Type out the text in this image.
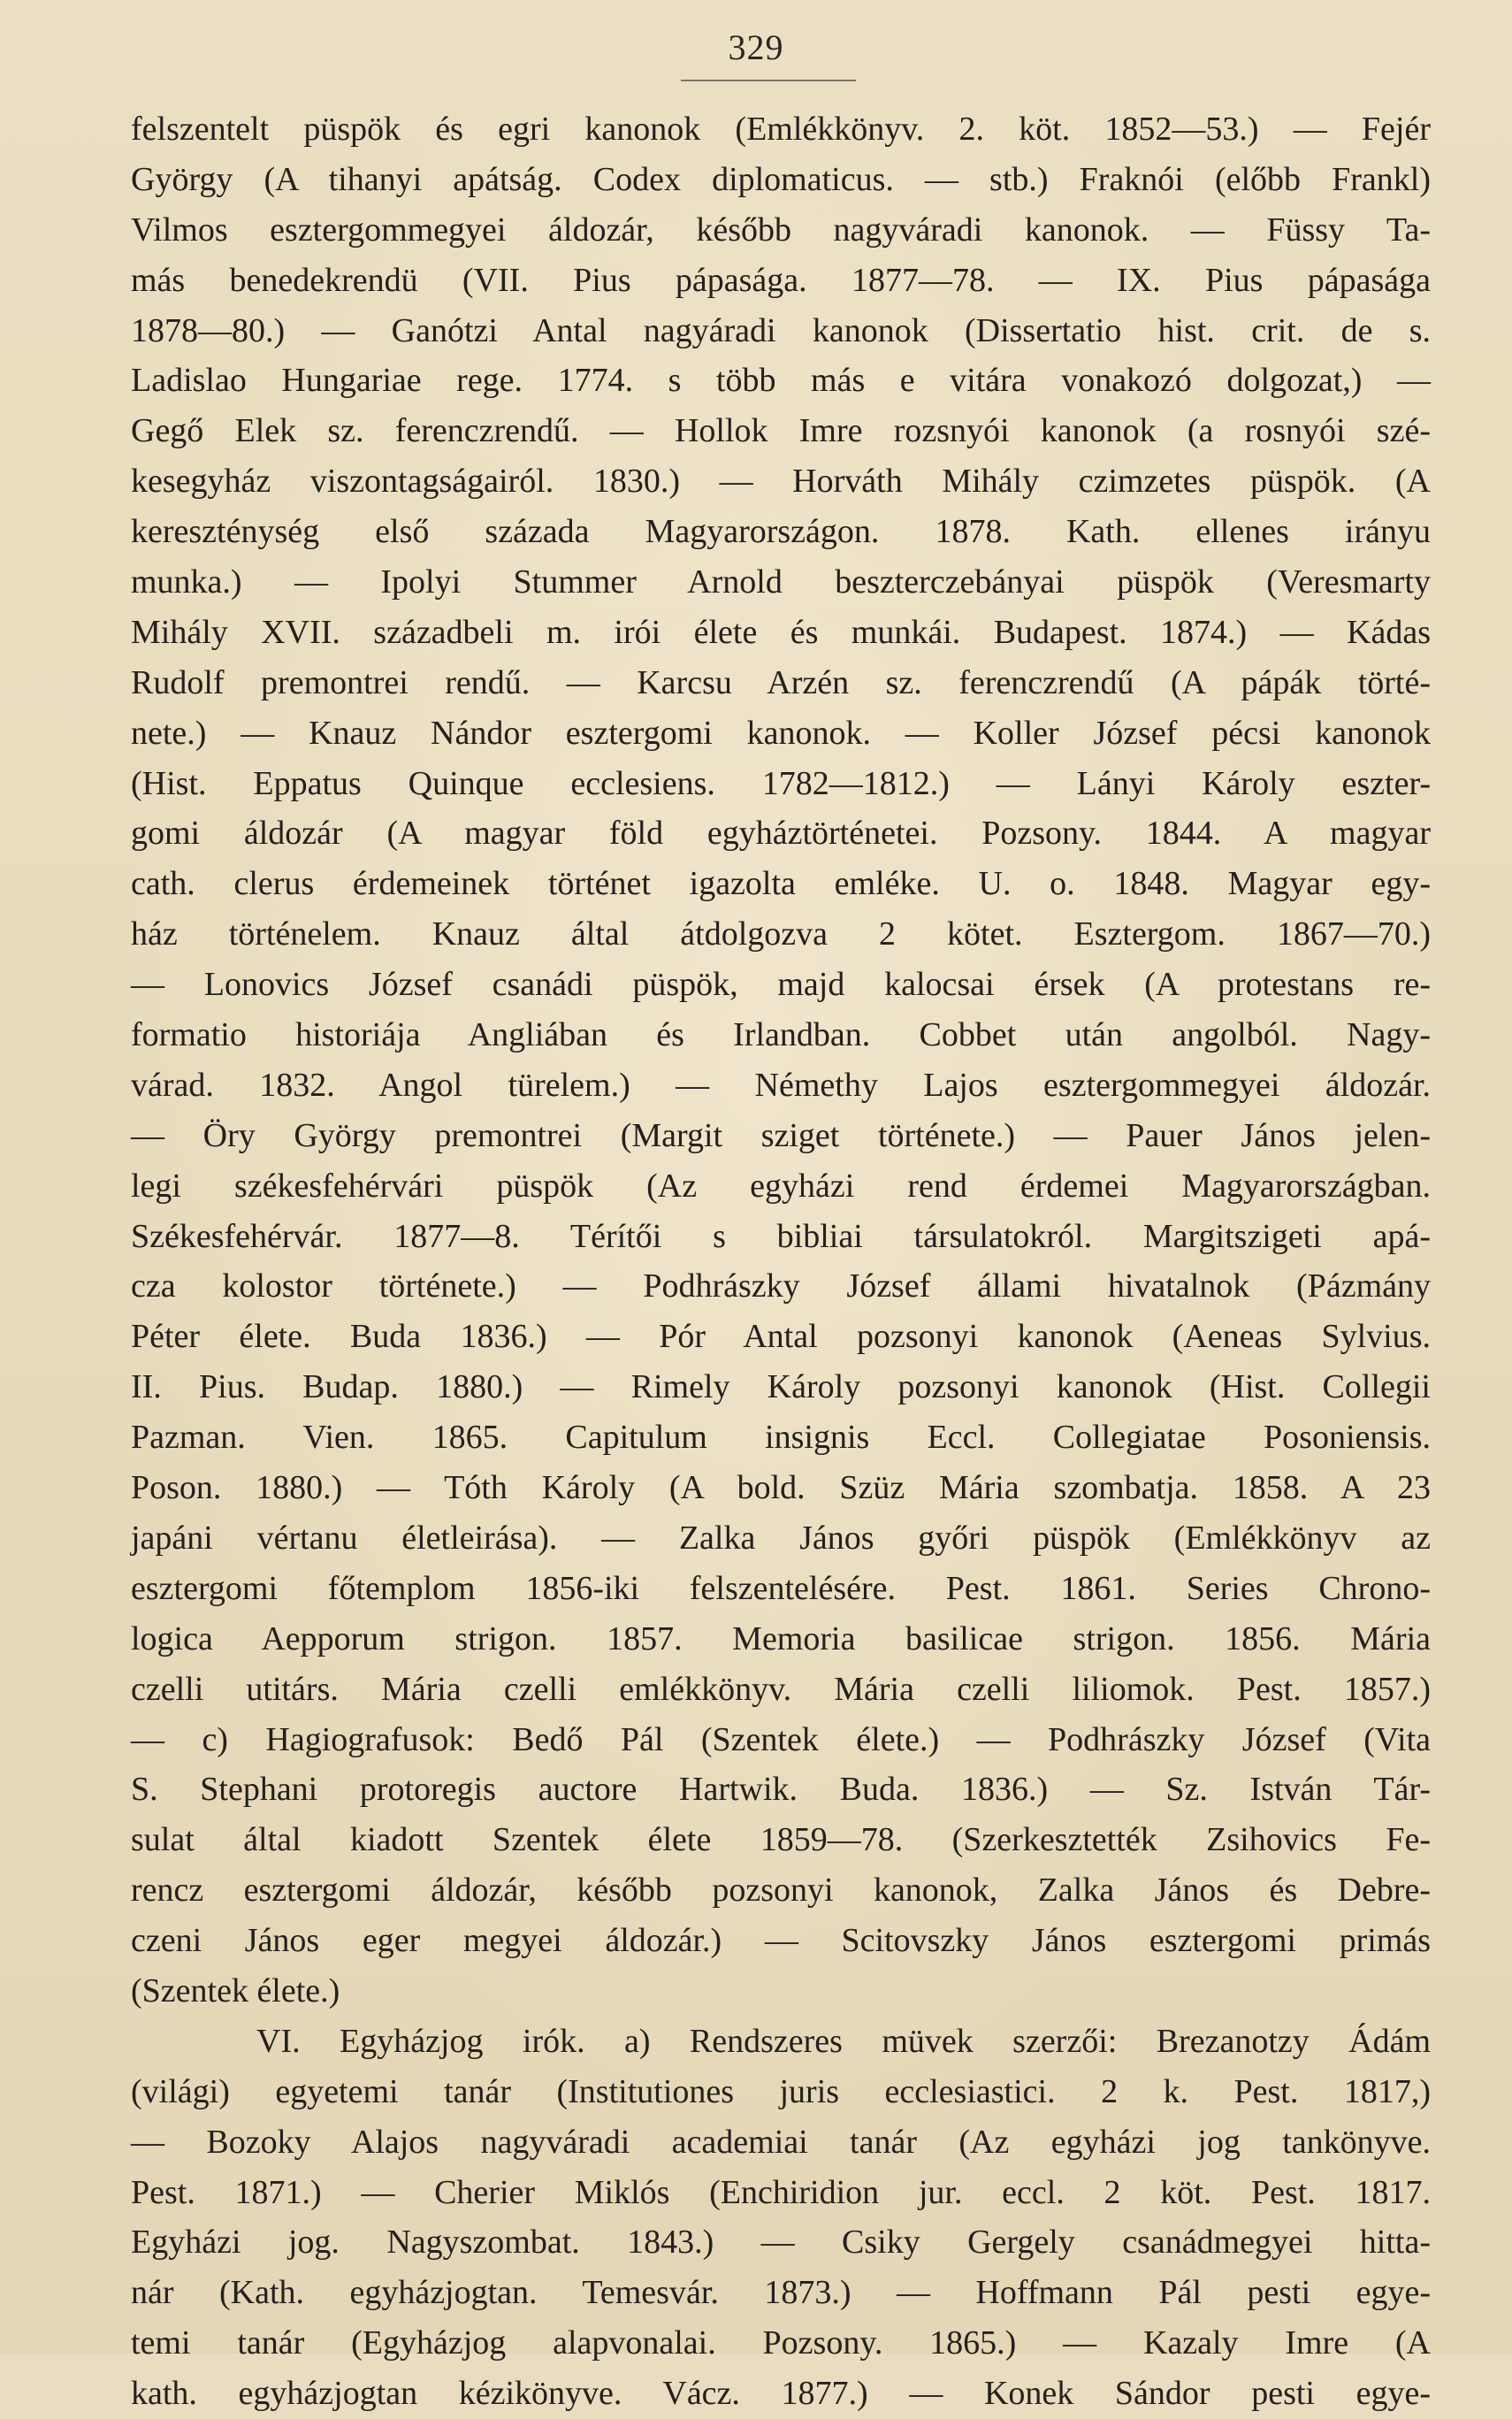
329
felszentelt püspök és egri kanonok (Emlékkönyv. 2. köt. 1852—53.) — Fejér
György (A tihanyi apátság. Codex diplomaticus. — stb.) Fraknói (előbb Frankl)
Vilmos esztergommegyei áldozár, később nagyváradi kanonok. — Füssy Ta-
más benedekrendü (VII. Pius pápasága. 1877—78. — IX. Pius pápasága
1878—80.) — Ganótzi Antal nagyáradi kanonok (Dissertatio hist. crit. de s.
Ladislao Hungariae rege. 1774. s több más e vitára vonakozó dolgozat,) —
Gegő Elek sz. ferenczrendű. — Hollok Imre rozsnyói kanonok (a rosnyói szé-
kesegyház viszontagságairól. 1830.) — Horváth Mihály czimzetes püspök. (A
kereszténység első százada Magyarországon. 1878. Kath. ellenes irányu
munka.) — Ipolyi Stummer Arnold beszterczebányai püspök (Veresmarty
Mihály XVII. századbeli m. irói élete és munkái. Budapest. 1874.) — Kádas
Rudolf premontrei rendű. — Karcsu Arzén sz. ferenczrendű (A pápák törté-
nete.) — Knauz Nándor esztergomi kanonok. — Koller József pécsi kanonok
(Hist. Eppatus Quinque ecclesiens. 1782—1812.) — Lányi Károly eszter-
gomi áldozár (A magyar föld egyháztörténetei. Pozsony. 1844. A magyar
cath. clerus érdemeinek történet igazolta emléke. U. o. 1848. Magyar egy-
ház történelem. Knauz által átdolgozva 2 kötet. Esztergom. 1867—70.)
— Lonovics József csanádi püspök, majd kalocsai érsek (A protestans re-
formatio historiája Angliában és Irlandban. Cobbet után angolból. Nagy-
várad. 1832. Angol türelem.) — Némethy Lajos esztergommegyei áldozár.
— Öry György premontrei (Margit sziget története.) — Pauer János jelen-
legi székesfehérvári püspök (Az egyházi rend érdemei Magyarországban.
Székesfehérvár. 1877—8. Térítői s bibliai társulatokról. Margitszigeti apá-
cza kolostor története.) — Podhrászky József állami hivatalnok (Pázmány
Péter élete. Buda 1836.) — Pór Antal pozsonyi kanonok (Aeneas Sylvius.
II. Pius. Budap. 1880.) — Rimely Károly pozsonyi kanonok (Hist. Collegii
Pazman. Vien. 1865. Capitulum insignis Eccl. Collegiatae Posoniensis.
Poson. 1880.) — Tóth Károly (A bold. Szüz Mária szombatja. 1858. A 23
japáni vértanu életleirása). — Zalka János győri püspök (Emlékkönyv az
esztergomi főtemplom 1856-iki felszentelésére. Pest. 1861. Series Chrono-
logica Aepporum strigon. 1857. Memoria basilicae strigon. 1856. Mária
czelli utitárs. Mária czelli emlékkönyv. Mária czelli liliomok. Pest. 1857.)
— c) Hagiografusok: Bedő Pál (Szentek élete.) — Podhrászky József (Vita
S. Stephani protoregis auctore Hartwik. Buda. 1836.) — Sz. István Tár-
sulat által kiadott Szentek élete 1859—78. (Szerkesztették Zsihovics Fe-
rencz esztergomi áldozár, később pozsonyi kanonok, Zalka János és Debre-
czeni János eger megyei áldozár.) — Scitovszky János esztergomi primás
(Szentek élete.)
VI. Egyházjog irók. a) Rendszeres müvek szerzői: Brezanotzy Ádám
(világi) egyetemi tanár (Institutiones juris ecclesiastici. 2 k. Pest. 1817,)
— Bozoky Alajos nagyváradi academiai tanár (Az egyházi jog tankönyve.
Pest. 1871.) — Cherier Miklós (Enchiridion jur. eccl. 2 köt. Pest. 1817.
Egyházi jog. Nagyszombat. 1843.) — Csiky Gergely csanádmegyei hitta-
nár (Kath. egyházjogtan. Temesvár. 1873.) — Hoffmann Pál pesti egye-
temi tanár (Egyházjog alapvonalai. Pozsony. 1865.) — Kazaly Imre (A
kath. egyházjogtan kézikönyve. Vácz. 1877.) — Konek Sándor pesti egye-
